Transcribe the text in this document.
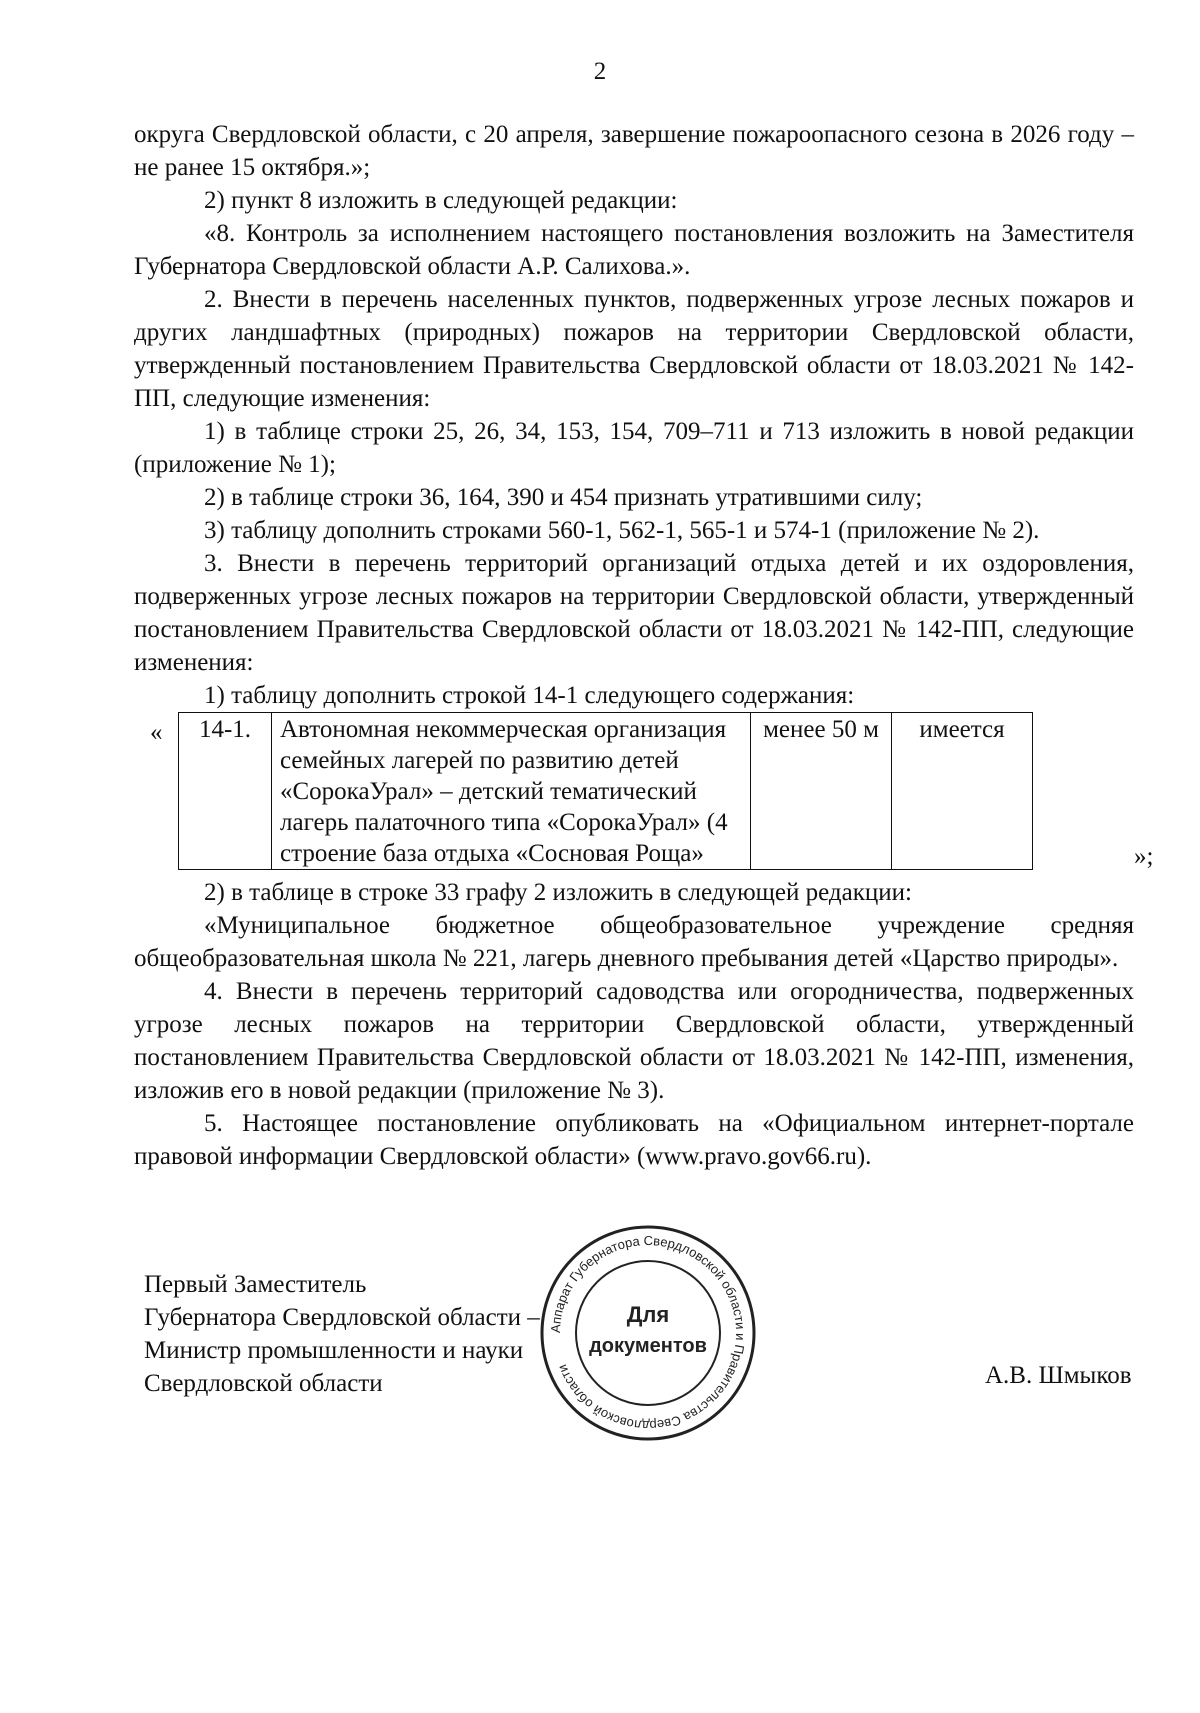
2

округа Свердловской области, с 20 апреля, завершение пожароопасного сезона в 2026 году – не ранее 15 октября.»;

2) пункт 8 изложить в следующей редакции:

«8. Контроль за исполнением настоящего постановления возложить на Заместителя Губернатора Свердловской области А.Р. Салихова.».

2. Внести в перечень населенных пунктов, подверженных угрозе лесных пожаров и других ландшафтных (природных) пожаров на территории Свердловской области, утвержденный постановлением Правительства Свердловской области от 18.03.2021 № 142-ПП, следующие изменения:

1) в таблице строки 25, 26, 34, 153, 154, 709–711 и 713 изложить в новой редакции (приложение № 1);

2) в таблице строки 36, 164, 390 и 454 признать утратившими силу;

3) таблицу дополнить строками 560-1, 562-1, 565-1 и 574-1 (приложение № 2).

3. Внести в перечень территорий организаций отдыха детей и их оздоровления, подверженных угрозе лесных пожаров на территории Свердловской области, утвержденный постановлением Правительства Свердловской области от 18.03.2021 № 142-ПП, следующие изменения:

1) таблицу дополнить строкой 14-1 следующего содержания:

« 14-1.	Автономная некоммерческая организация семейных лагерей по развитию детей «СорокаУрал» – детский тематический лагерь палаточного типа «СорокаУрал» (4 строение база отдыха «Сосновая Роща»	менее 50 м	имеется
»;

2) в таблице в строке 33 графу 2 изложить в следующей редакции:

«Муниципальное бюджетное общеобразовательное учреждение средняя общеобразовательная школа № 221, лагерь дневного пребывания детей «Царство природы».

4. Внести в перечень территорий садоводства или огородничества, подверженных угрозе лесных пожаров на территории Свердловской области, утвержденный постановлением Правительства Свердловской области от 18.03.2021 № 142-ПП, изменения, изложив его в новой редакции (приложение № 3).

5. Настоящее постановление опубликовать на «Официальном интернет-портале правовой информации Свердловской области» (www.pravo.gov66.ru).

Первый Заместитель
Губернатора Свердловской области –
Министр промышленности и науки
Свердловской области
Аппарат Губернатора Свердловской области и Правительства Свердловской области
Для
документов
А.В. Шмыков
